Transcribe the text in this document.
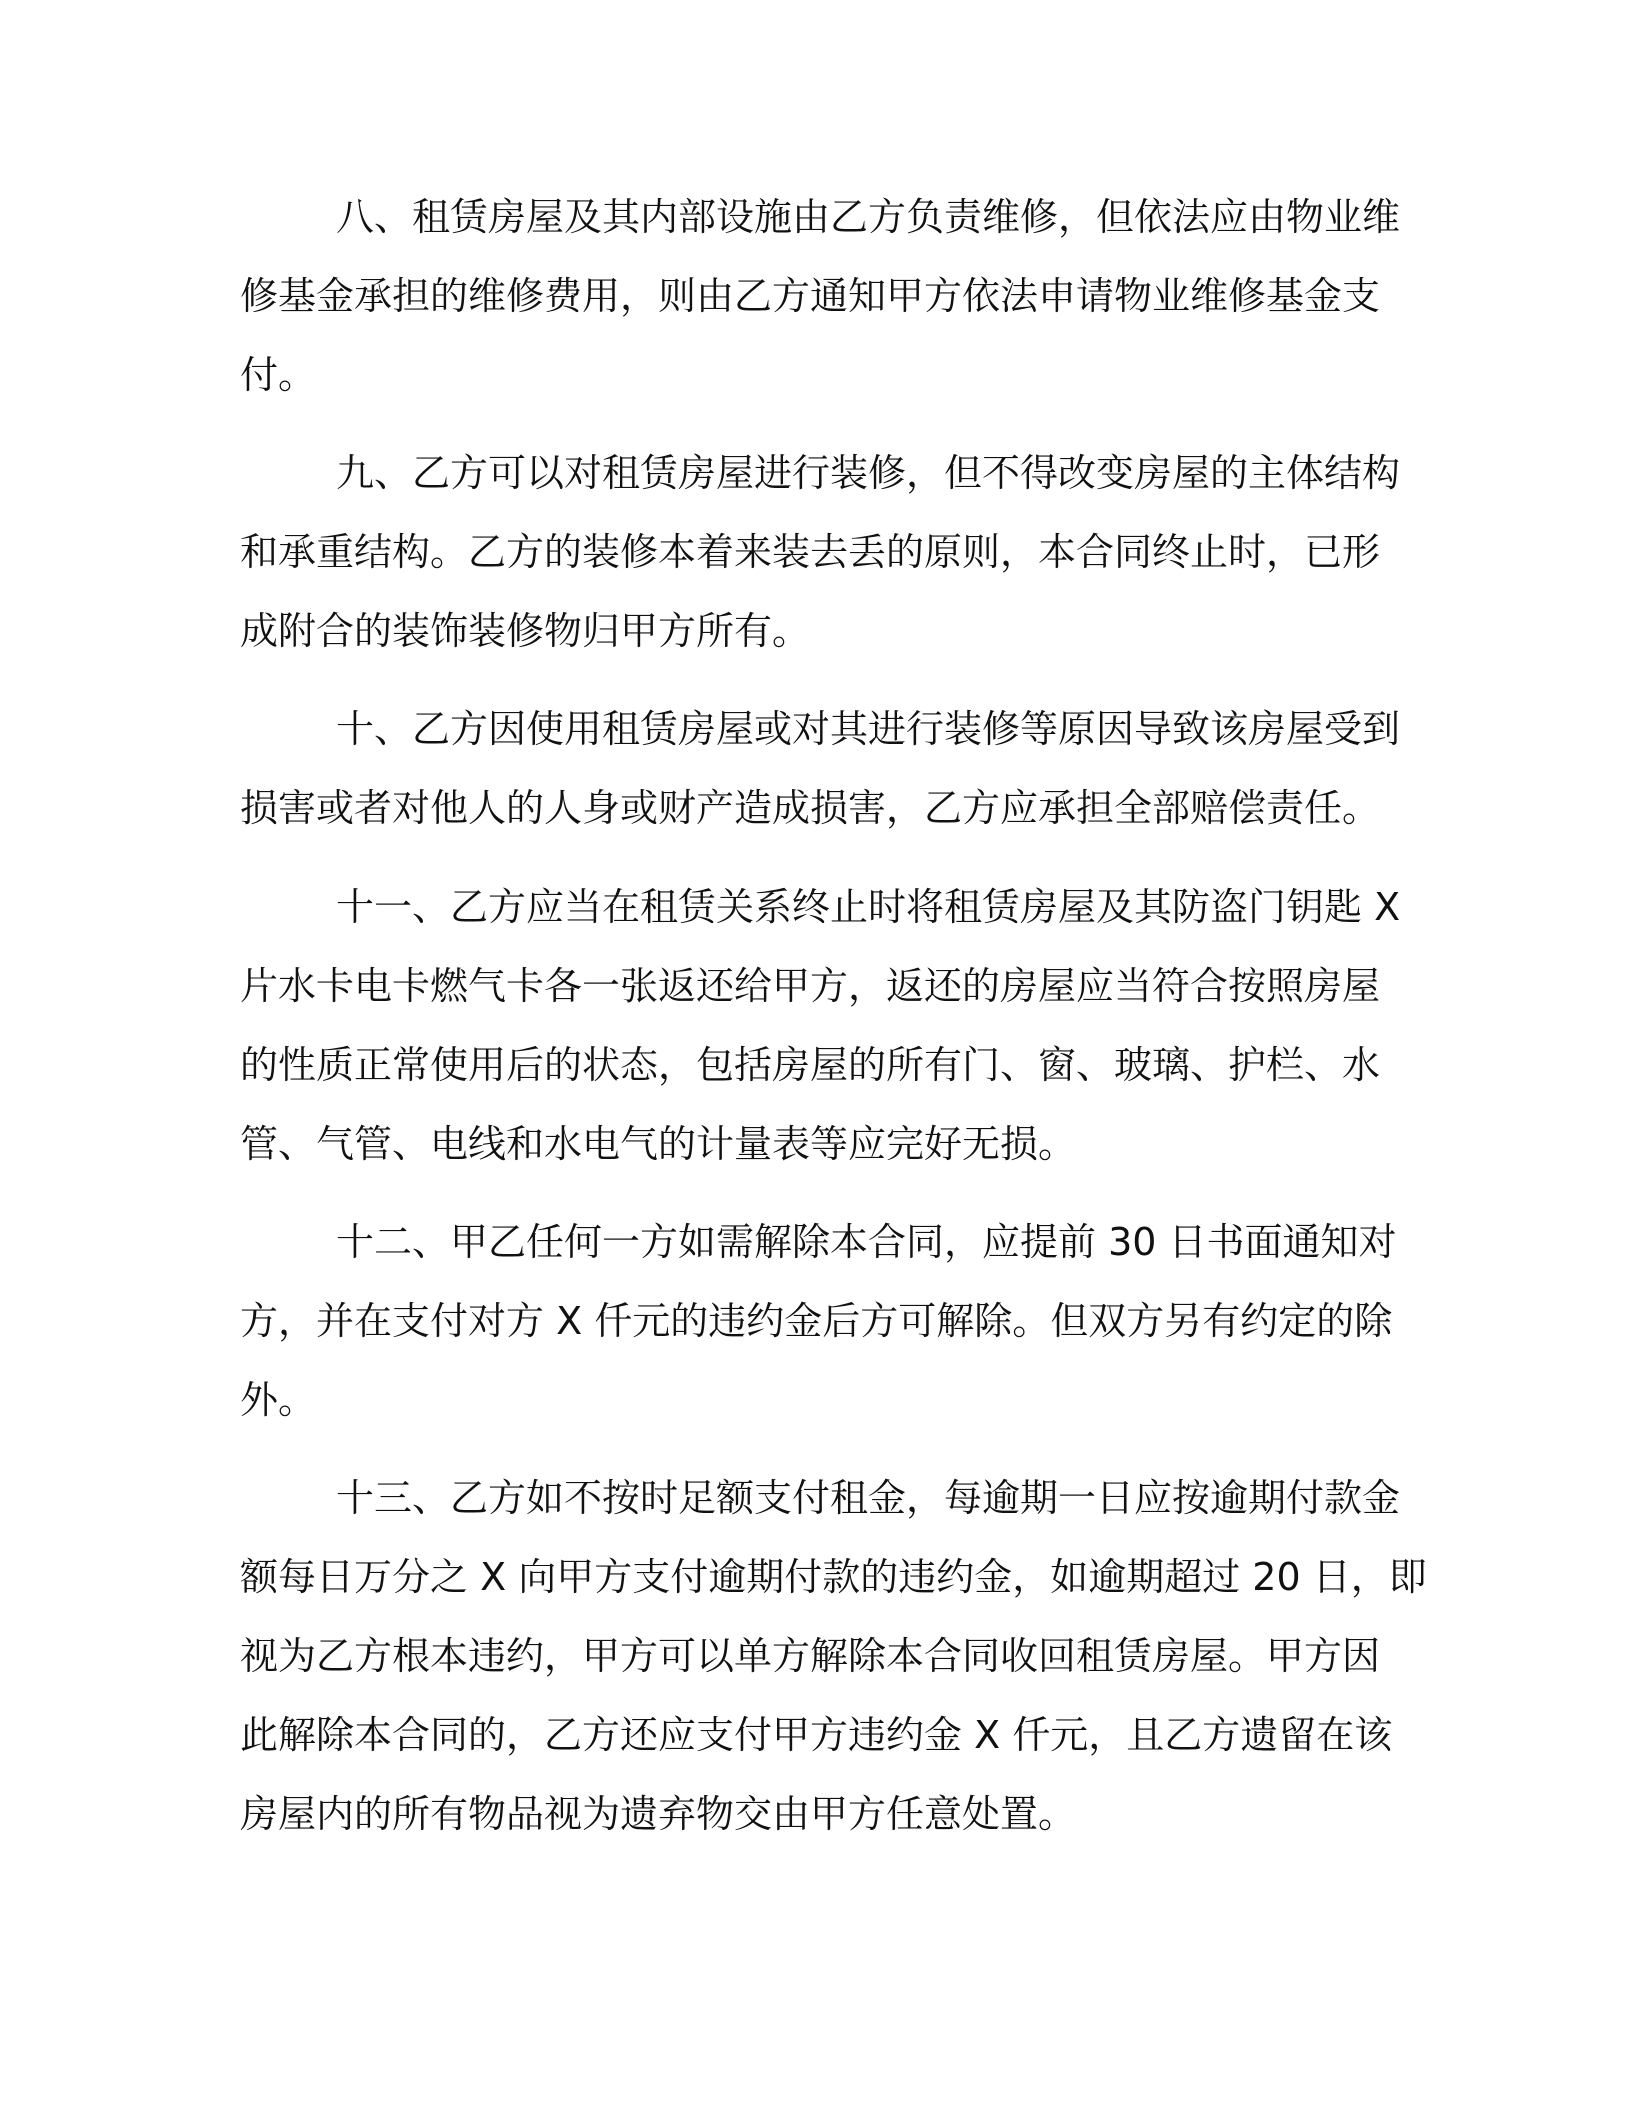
八、租赁房屋及其内部设施由乙方负责维修，但依法应由物业维
修基金承担的维修费用，则由乙方通知甲方依法申请物业维修基金支
付。

九、乙方可以对租赁房屋进行装修，但不得改变房屋的主体结构
和承重结构。乙方的装修本着来装去丢的原则，本合同终止时，已形
成附合的装饰装修物归甲方所有。

十、乙方因使用租赁房屋或对其进行装修等原因导致该房屋受到
损害或者对他人的人身或财产造成损害，乙方应承担全部赔偿责任。

十一、乙方应当在租赁关系终止时将租赁房屋及其防盗门钥匙 X
片水卡电卡燃气卡各一张返还给甲方，返还的房屋应当符合按照房屋
的性质正常使用后的状态，包括房屋的所有门、窗、玻璃、护栏、水
管、气管、电线和水电气的计量表等应完好无损。

十二、甲乙任何一方如需解除本合同，应提前 30 日书面通知对
方，并在支付对方 X 仟元的违约金后方可解除。但双方另有约定的除
外。

十三、乙方如不按时足额支付租金，每逾期一日应按逾期付款金
额每日万分之 X 向甲方支付逾期付款的违约金，如逾期超过 20 日，即
视为乙方根本违约，甲方可以单方解除本合同收回租赁房屋。甲方因
此解除本合同的，乙方还应支付甲方违约金 X 仟元，且乙方遗留在该
房屋内的所有物品视为遗弃物交由甲方任意处置。
